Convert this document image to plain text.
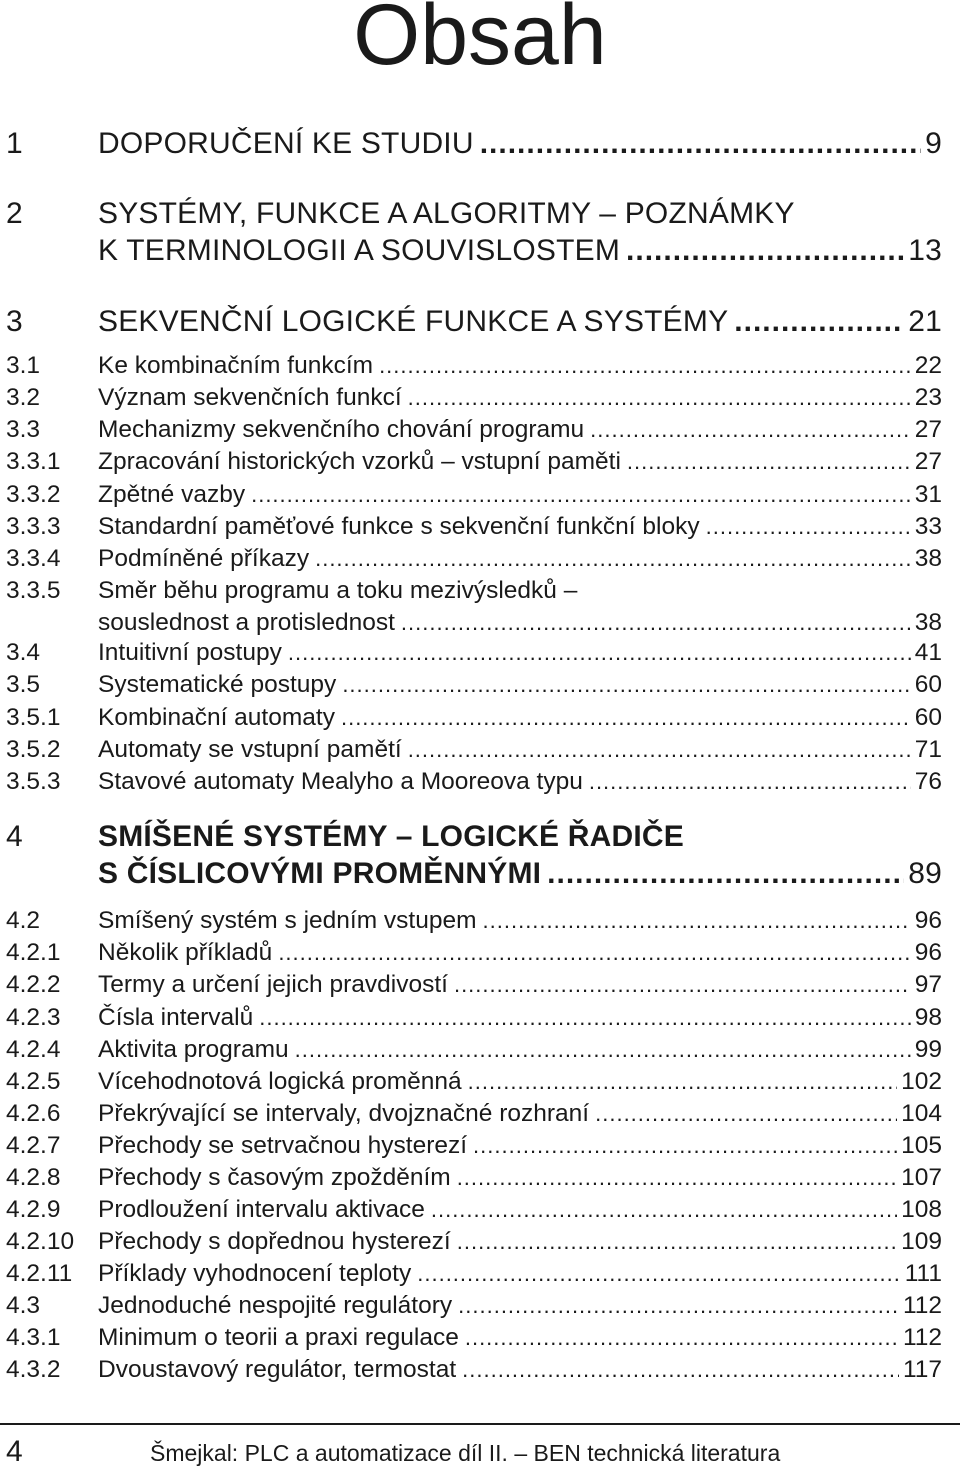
Obsah
1	DOPORUČENÍ KE STUDIU .....	9
2	SYSTÉMY, FUNKCE A ALGORITMY – POZNÁMKY
K TERMINOLOGII A SOUVISLOSTEM .....	13
3	SEKVENČNÍ LOGICKÉ FUNKCE A SYSTÉMY .....	21
3.1 Ke kombinačním funkcím .....	22
3.2 Význam sekvenčních funkcí .....	23
3.3 Mechanizmy sekvenčního chování programu .....	27
3.3.1 Zpracování historických vzorků – vstupní paměti .....	27
3.3.2 Zpětné vazby .....	31
3.3.3 Standardní paměťové funkce s sekvenční funkční bloky .....	33
3.3.4 Podmíněné příkazy .....	38
3.3.5 Směr běhu programu a toku mezivýsledků –
souslednost a protislednost .....	38
3.4 Intuitivní postupy .....	41
3.5 Systematické postupy .....	60
3.5.1 Kombinační automaty .....	60
3.5.2 Automaty se vstupní pamětí .....	71
3.5.3 Stavové automaty Mealyho a Mooreova typu .....	76
4	SMÍŠENÉ SYSTÉMY – LOGICKÉ ŘADIČE
S ČÍSLICOVÝMI PROMĚNNÝMI .....	89
4.2 Smíšený systém s jedním vstupem .....	96
4.2.1 Několik příkladů .....	96
4.2.2 Termy a určení jejich pravdivostí .....	97
4.2.3 Čísla intervalů .....	98
4.2.4 Aktivita programu .....	99
4.2.5 Vícehodnotová logická proměnná .....	102
4.2.6 Překrývající se intervaly, dvojznačné rozhraní .....	104
4.2.7 Přechody se setrvačnou hysterezí .....	105
4.2.8 Přechody s časovým zpožděním .....	107
4.2.9 Prodloužení intervalu aktivace .....	108
4.2.10 Přechody s dopřednou hysterezí .....	109
4.2.11 Příklady vyhodnocení teploty .....	111
4.3 Jednoduché nespojité regulátory .....	112
4.3.1 Minimum o teorii a praxi regulace .....	112
4.3.2 Dvoustavový regulátor, termostat .....	117
4	Šmejkal: PLC a automatizace díl II. – BEN technická literatura
